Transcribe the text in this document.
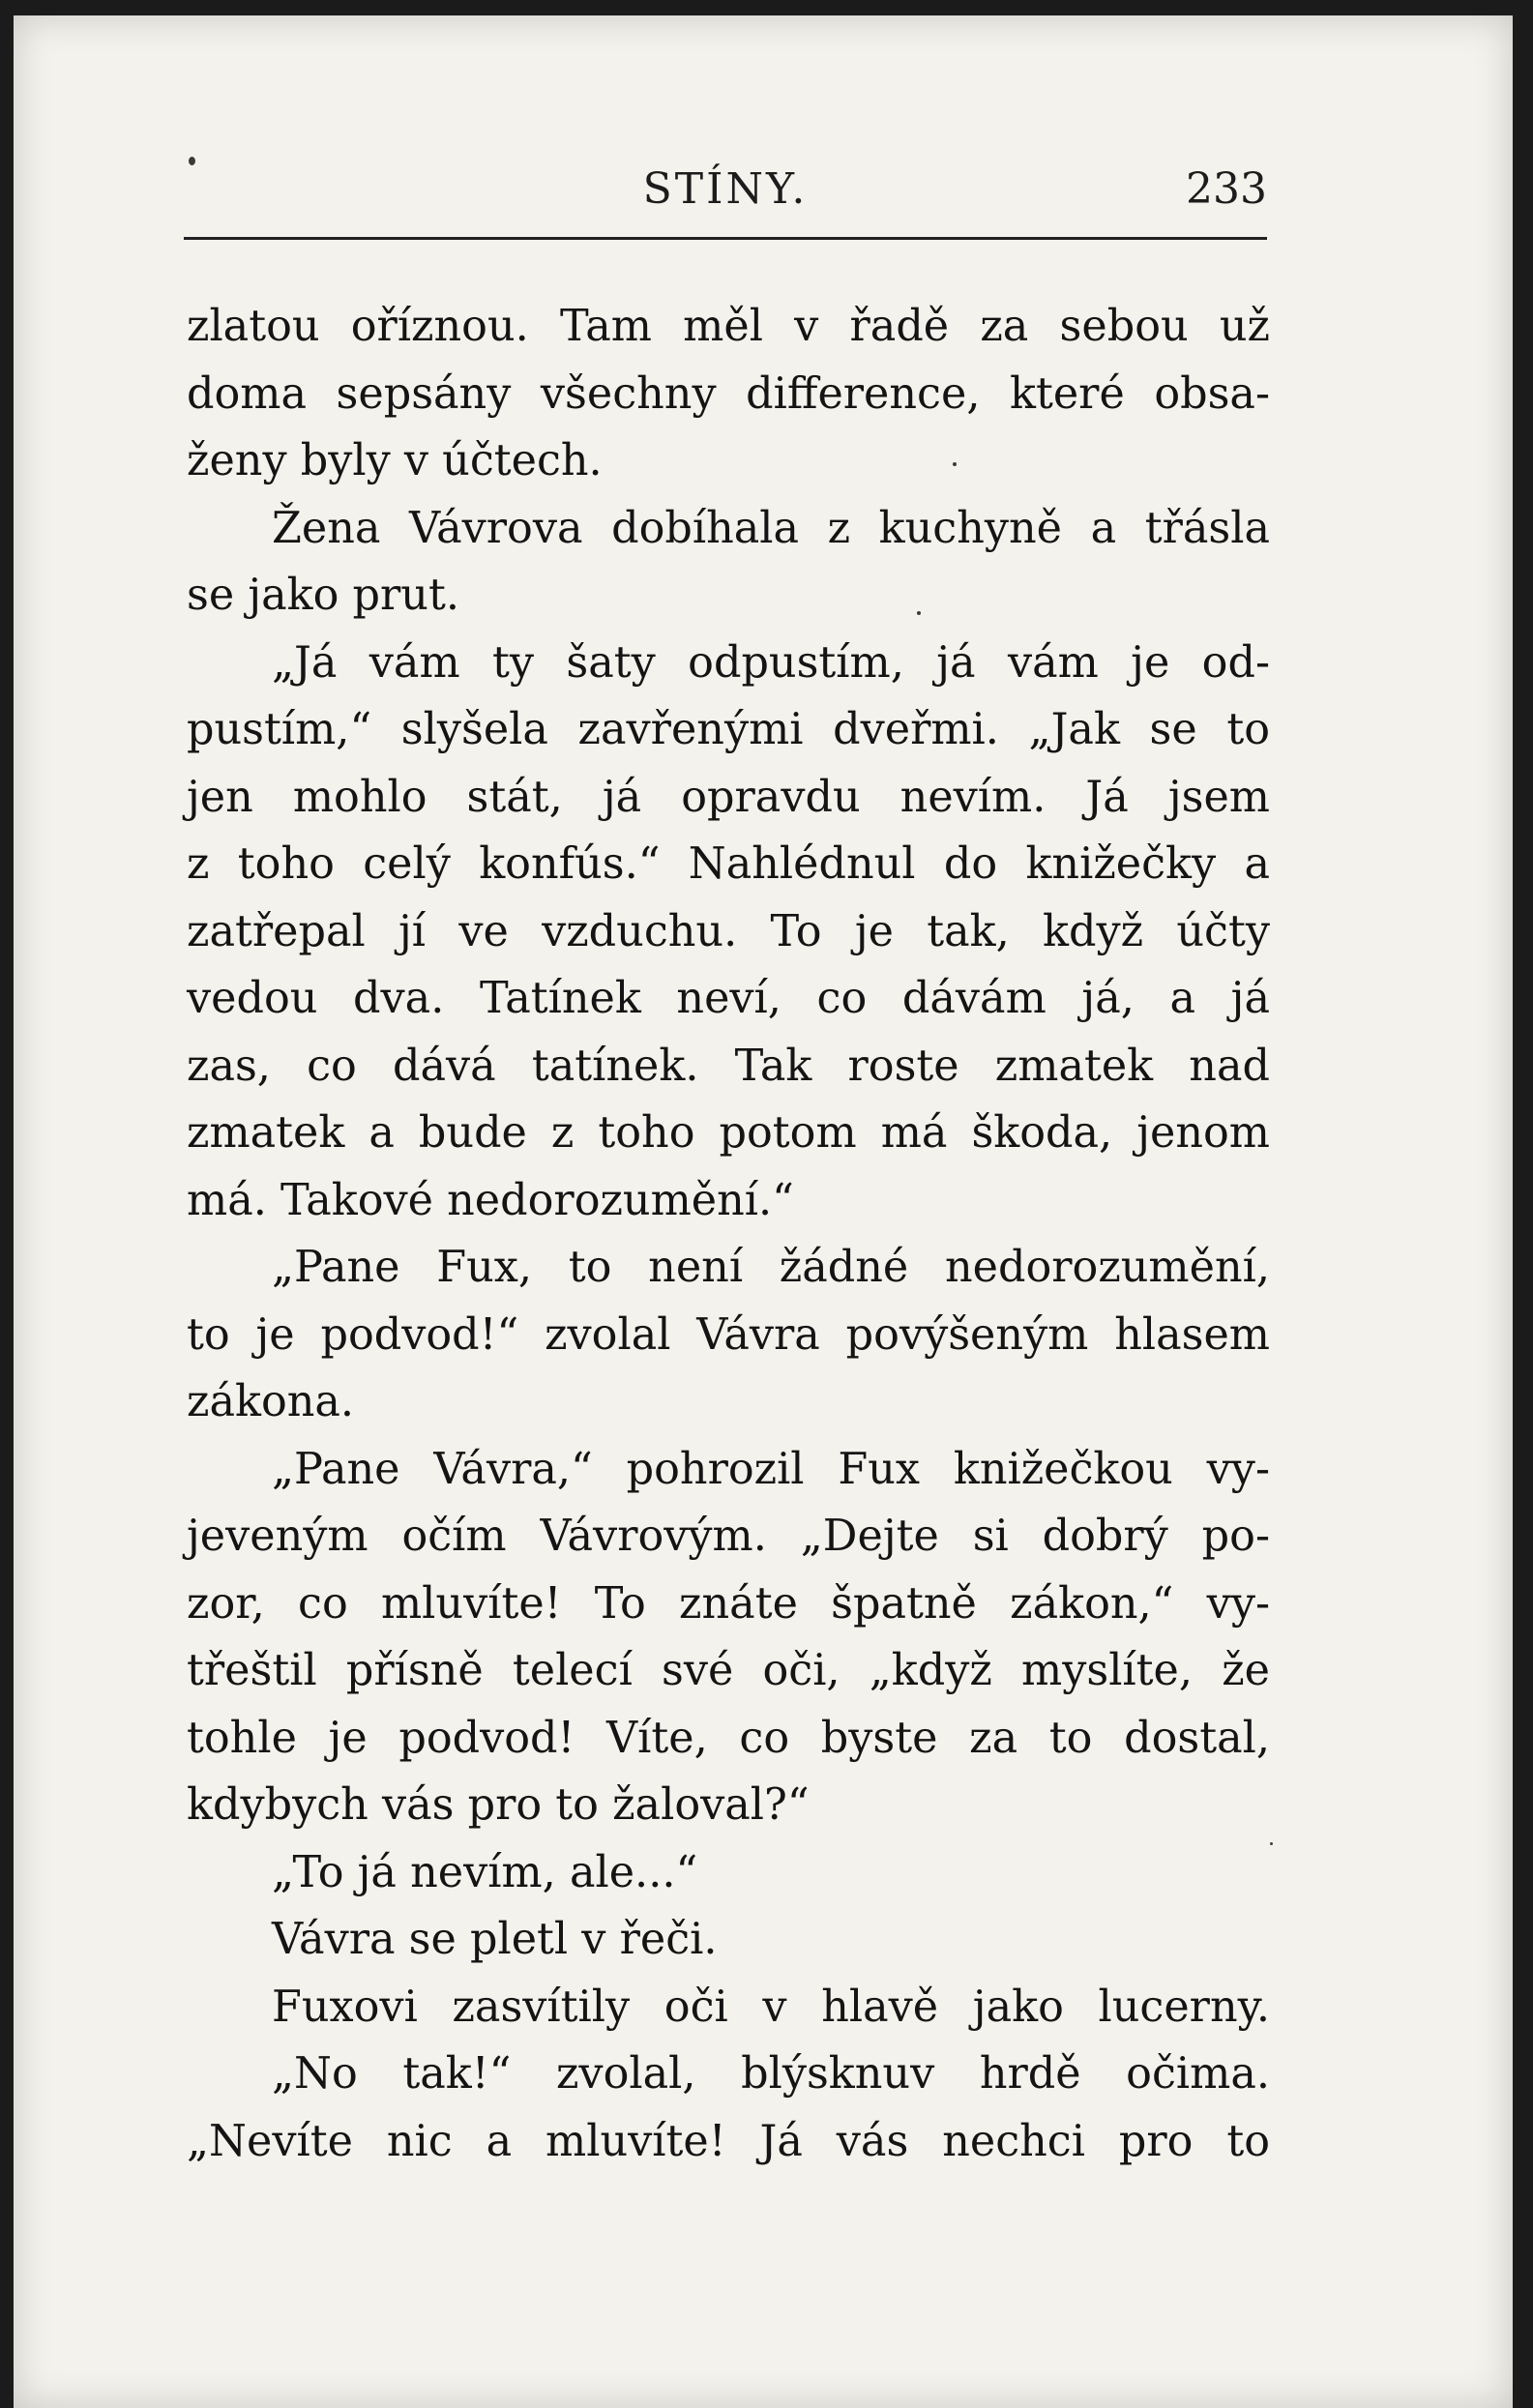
STÍNY.	233
zlatou oříznou. Tam měl v řadě za sebou už
doma sepsány všechny difference, které obsa-
ženy byly v účtech.
Žena Vávrova dobíhala z kuchyně a třásla
se jako prut.
„Já vám ty šaty odpustím, já vám je od-
pustím,“ slyšela zavřenými dveřmi. „Jak se to
jen mohlo stát, já opravdu nevím. Já jsem
z toho celý konfús.“ Nahlédnul do knižečky a
zatřepal jí ve vzduchu. To je tak, když účty
vedou dva. Tatínek neví, co dávám já, a já
zas, co dává tatínek. Tak roste zmatek nad
zmatek a bude z toho potom má škoda, jenom
má. Takové nedorozumění.“
„Pane Fux, to není žádné nedorozumění,
to je podvod!“ zvolal Vávra povýšeným hlasem
zákona.
„Pane Vávra,“ pohrozil Fux knižečkou vy-
jeveným očím Vávrovým. „Dejte si dobrý po-
zor, co mluvíte! To znáte špatně zákon,“ vy-
třeštil přísně telecí své oči, „když myslíte, že
tohle je podvod! Víte, co byste za to dostal,
kdybych vás pro to žaloval?“
„To já nevím, ale...“
Vávra se pletl v řeči.
Fuxovi zasvítily oči v hlavě jako lucerny.
„No tak!“ zvolal, blýsknuv hrdě očima.
„Nevíte nic a mluvíte! Já vás nechci pro to
